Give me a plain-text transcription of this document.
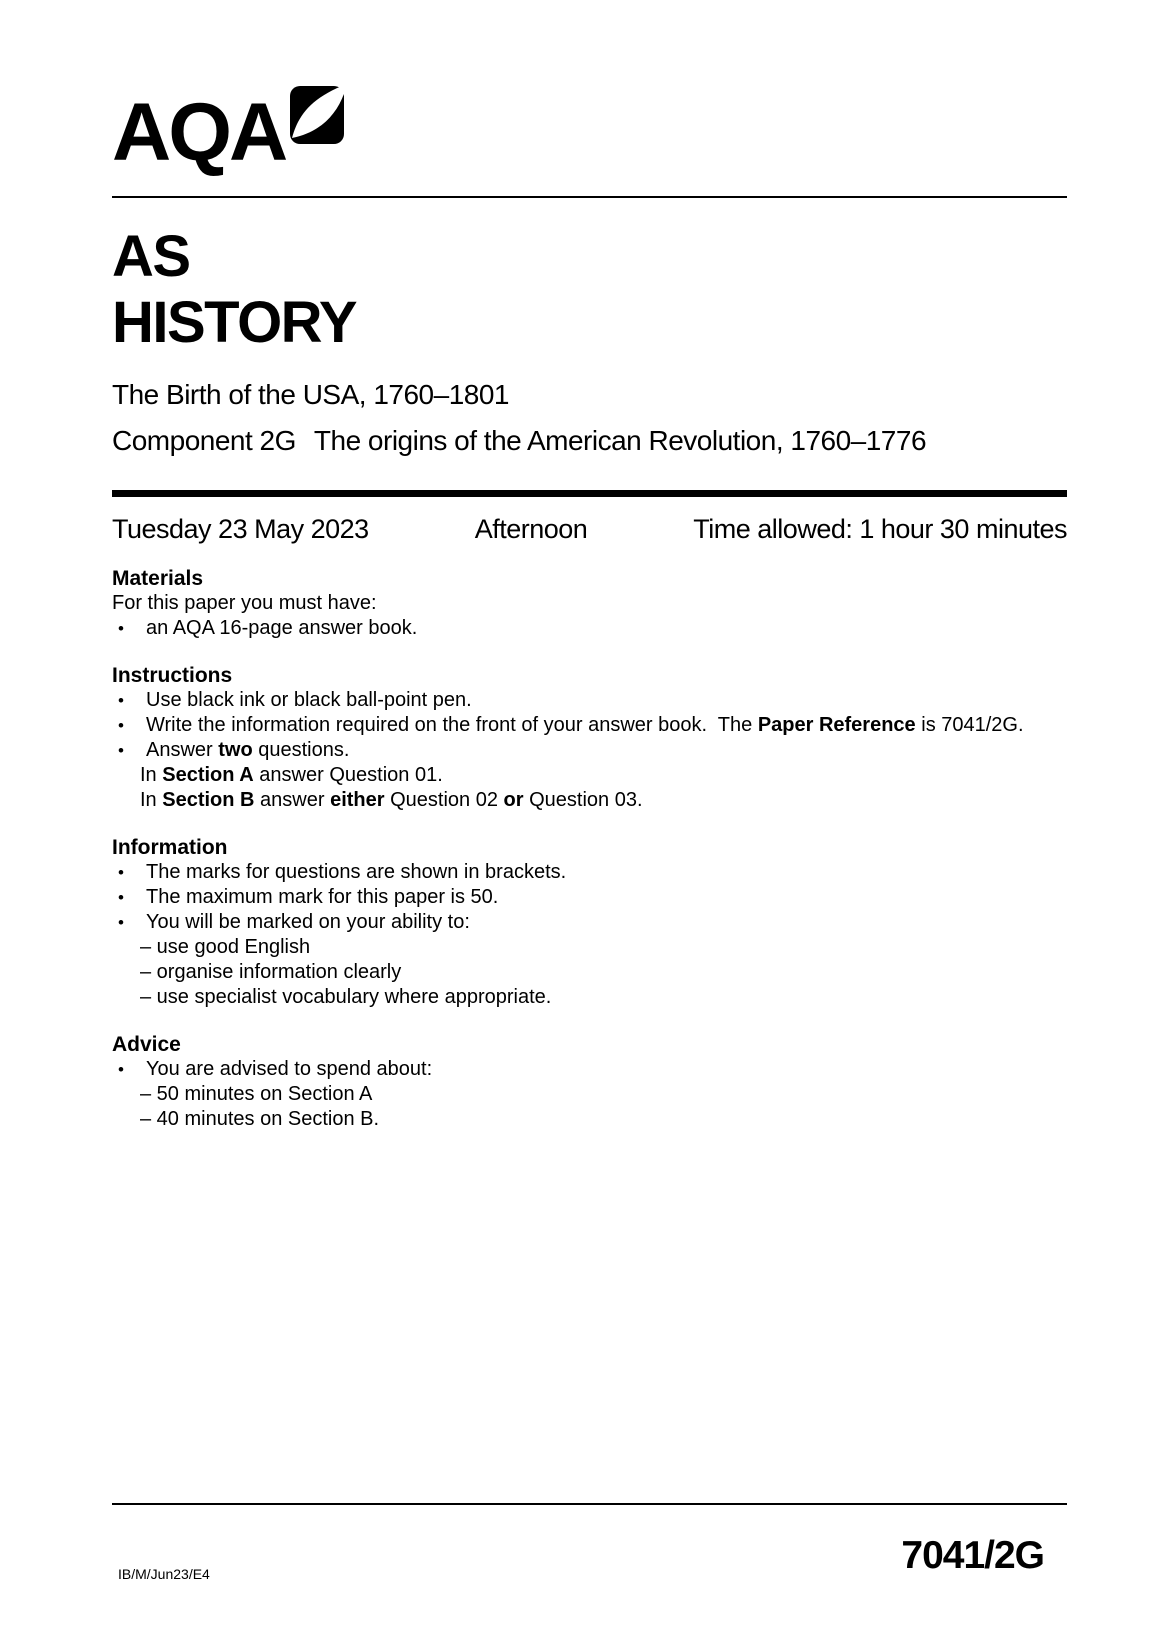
AQA
AS
HISTORY
The Birth of the USA, 1760–1801
Component 2G The origins of the American Revolution, 1760–1776
Tuesday 23 May 2023	Afternoon	Time allowed: 1 hour 30 minutes
Materials
For this paper you must have:
•	an AQA 16-page answer book.
Instructions
•	Use black ink or black ball-point pen.
•	Write the information required on the front of your answer book.  The Paper Reference is 7041/2G.
•	Answer two questions.
In Section A answer Question 01.
In Section B answer either Question 02 or Question 03.
Information
•	The marks for questions are shown in brackets.
•	The maximum mark for this paper is 50.
•	You will be marked on your ability to:
– use good English
– organise information clearly
– use specialist vocabulary where appropriate.
Advice
•	You are advised to spend about:
– 50 minutes on Section A
– 40 minutes on Section B.
IB/M/Jun23/E4	7041/2G
